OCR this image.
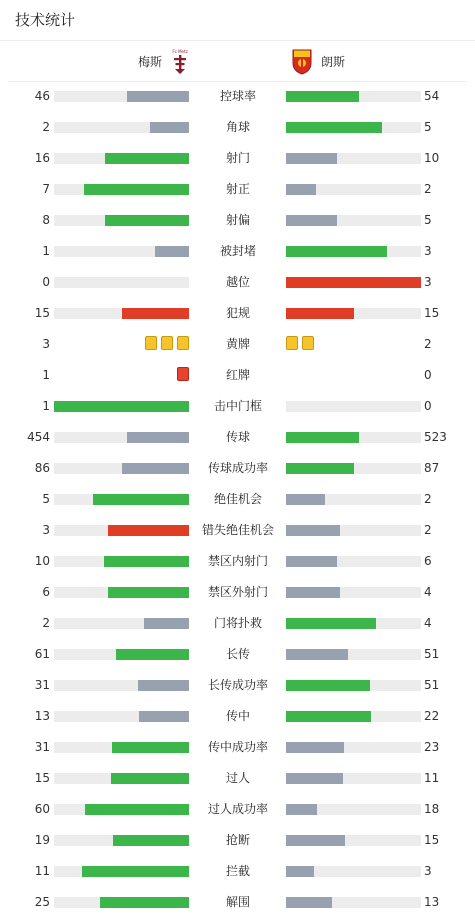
技术统计
梅斯
Fc Metz
朗斯
46	控球率	54
2	角球	5
16	射门	10
7	射正	2
8	射偏	5
1	被封堵	3
0	越位	3
15	犯规	15
3	黄牌	2
1	红牌	0
1	击中门框	0
454	传球	523
86	传球成功率	87
5	绝佳机会	2
3	错失绝佳机会	2
10	禁区内射门	6
6	禁区外射门	4
2	门将扑救	4
61	长传	51
31	长传成功率	51
13	传中	22
31	传中成功率	23
15	过人	11
60	过人成功率	18
19	抢断	15
11	拦截	3
25	解围	13
